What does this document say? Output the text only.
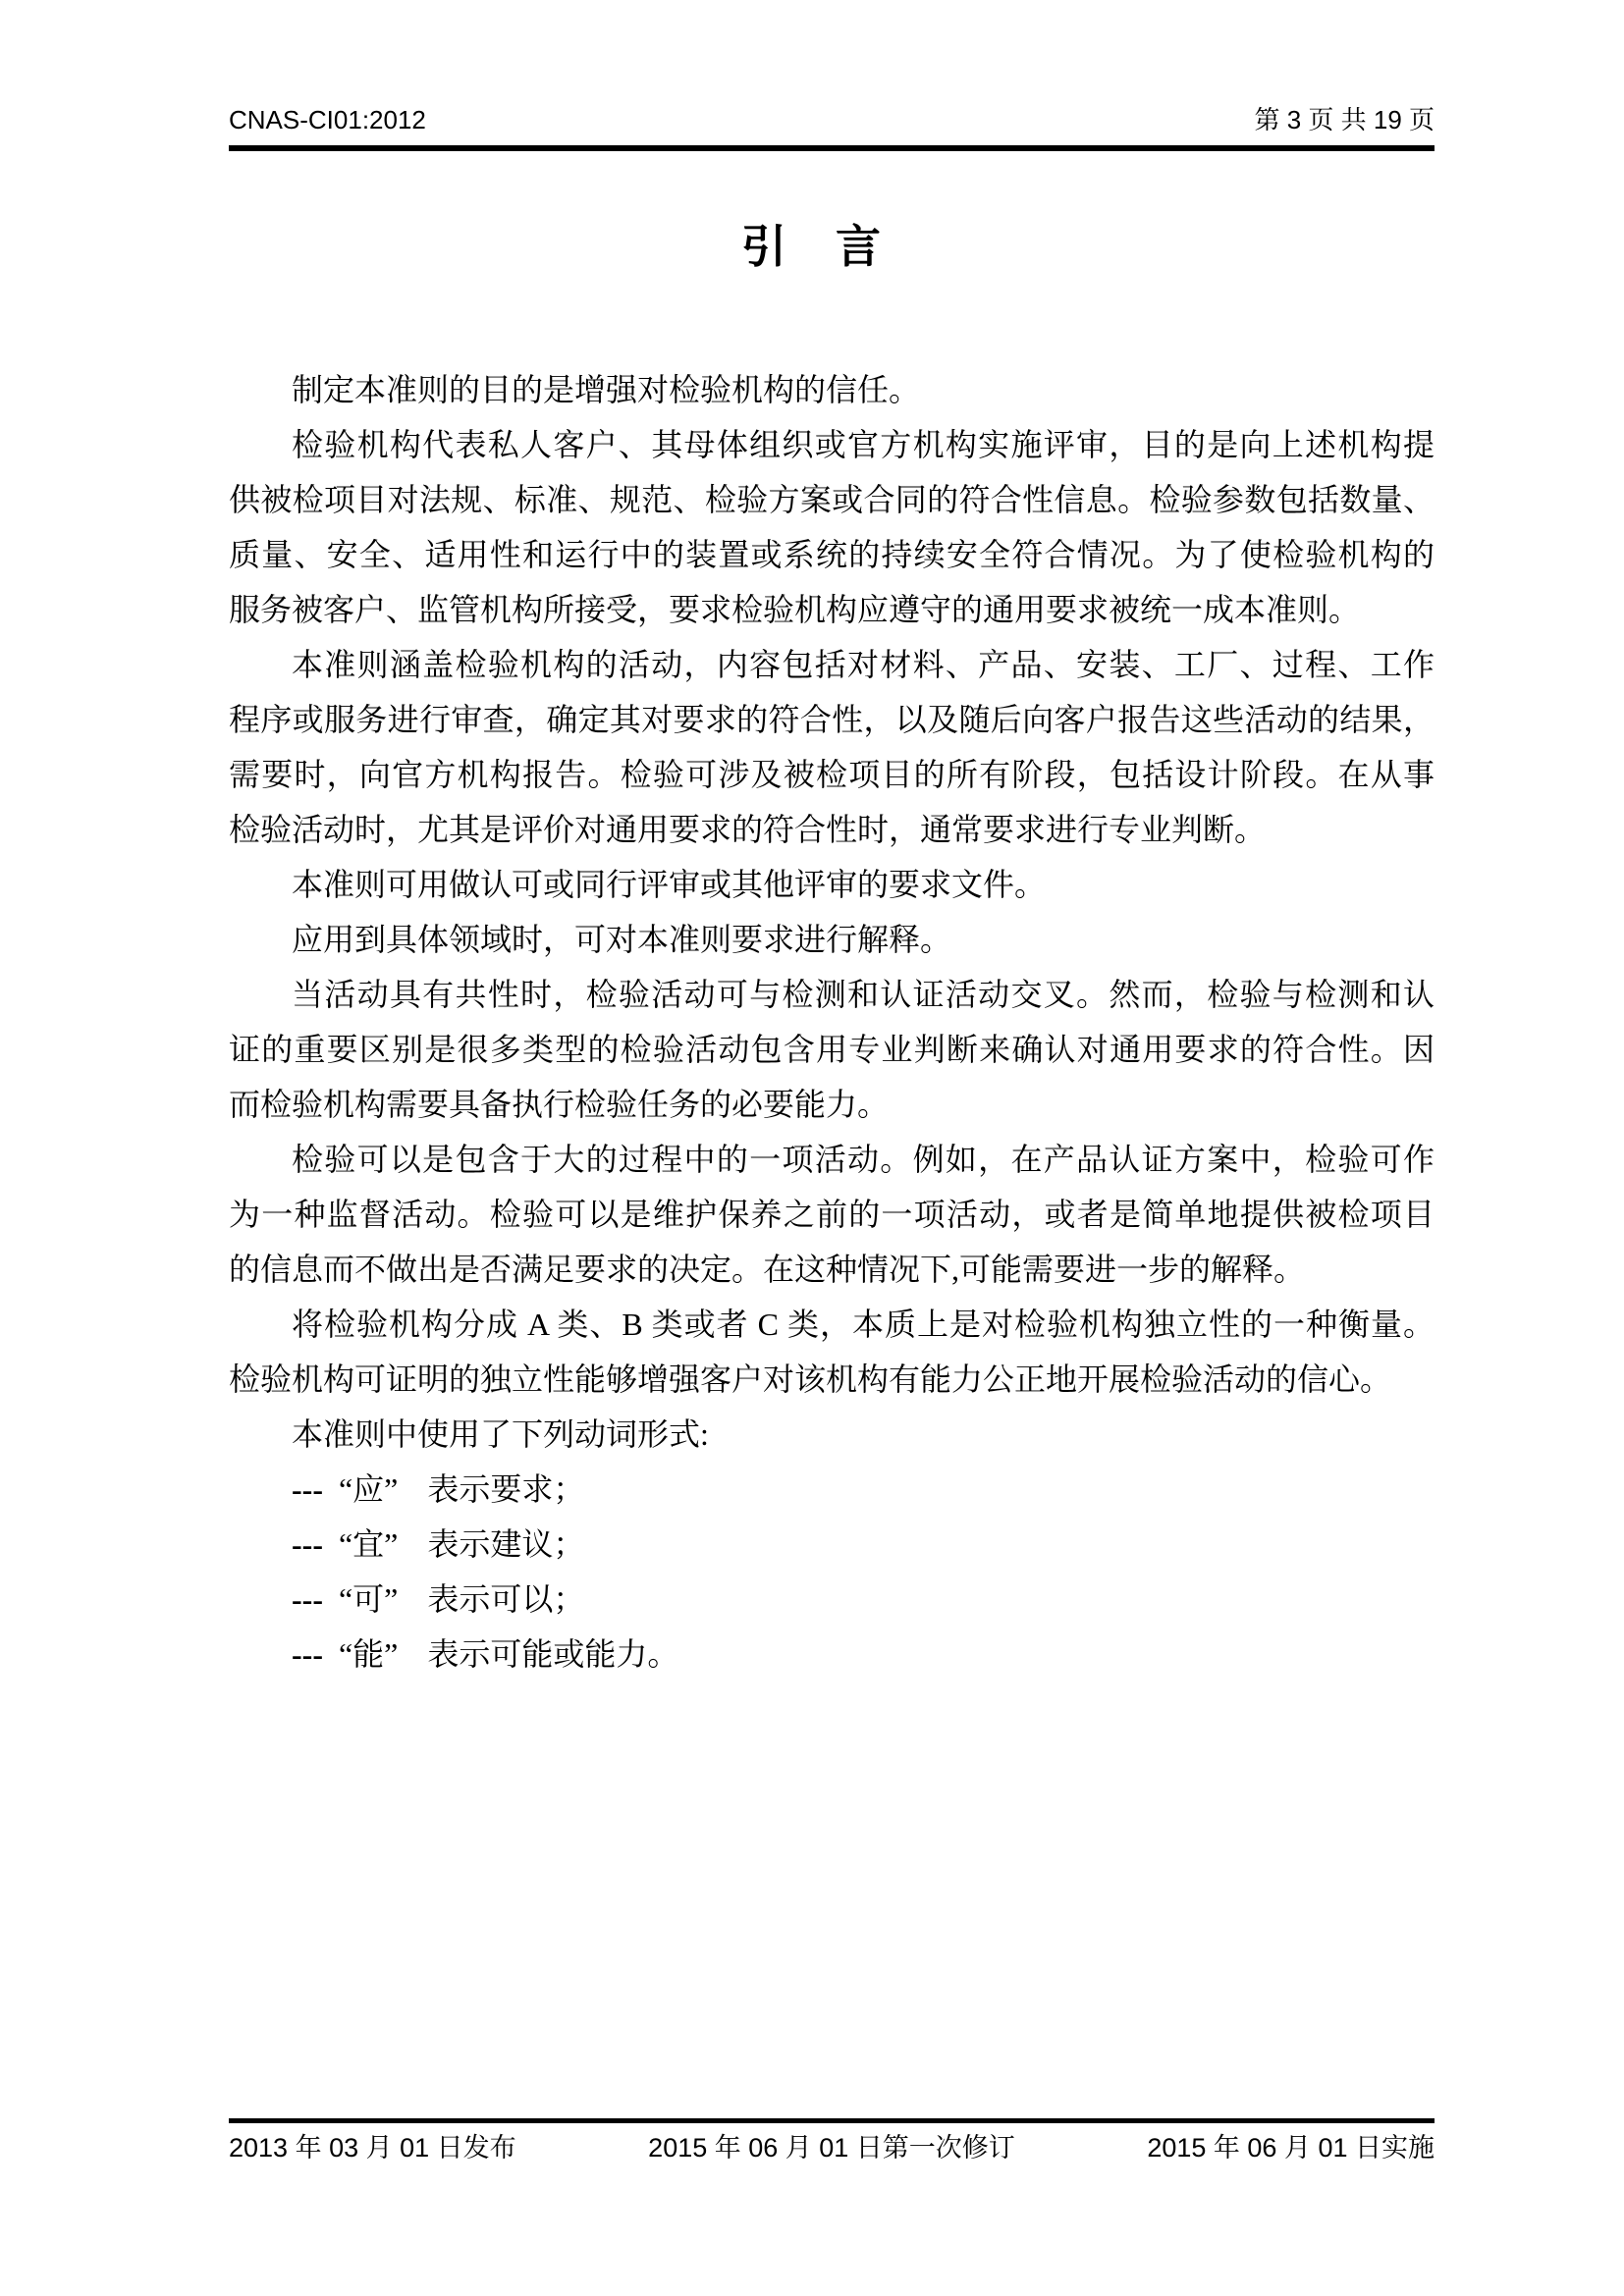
CNAS-CI01:2012	第 3 页 共 19 页
引　言
制定本准则的目的是增强对检验机构的信任。
检验机构代表私人客户、其母体组织或官方机构实施评审，目的是向上述机构提
供被检项目对法规、标准、规范、检验方案或合同的符合性信息。检验参数包括数量、
质量、安全、适用性和运行中的装置或系统的持续安全符合情况。为了使检验机构的
服务被客户、监管机构所接受，要求检验机构应遵守的通用要求被统一成本准则。
本准则涵盖检验机构的活动，内容包括对材料、产品、安装、工厂、过程、工作
程序或服务进行审查，确定其对要求的符合性，以及随后向客户报告这些活动的结果，
需要时，向官方机构报告。检验可涉及被检项目的所有阶段，包括设计阶段。在从事
检验活动时，尤其是评价对通用要求的符合性时，通常要求进行专业判断。
本准则可用做认可或同行评审或其他评审的要求文件。
应用到具体领域时，可对本准则要求进行解释。
当活动具有共性时，检验活动可与检测和认证活动交叉。然而，检验与检测和认
证的重要区别是很多类型的检验活动包含用专业判断来确认对通用要求的符合性。因
而检验机构需要具备执行检验任务的必要能力。
检验可以是包含于大的过程中的一项活动。例如，在产品认证方案中，检验可作
为一种监督活动。检验可以是维护保养之前的一项活动，或者是简单地提供被检项目
的信息而不做出是否满足要求的决定。在这种情况下,可能需要进一步的解释。
将检验机构分成 A 类、B 类或者 C 类，本质上是对检验机构独立性的一种衡量。
检验机构可证明的独立性能够增强客户对该机构有能力公正地开展检验活动的信心。
本准则中使用了下列动词形式:
--- “应” 表示要求；
--- “宜” 表示建议；
--- “可” 表示可以；
--- “能” 表示可能或能力。
2013 年 03 月 01 日发布	2015 年 06 月 01 日第一次修订	2015 年 06 月 01 日实施
